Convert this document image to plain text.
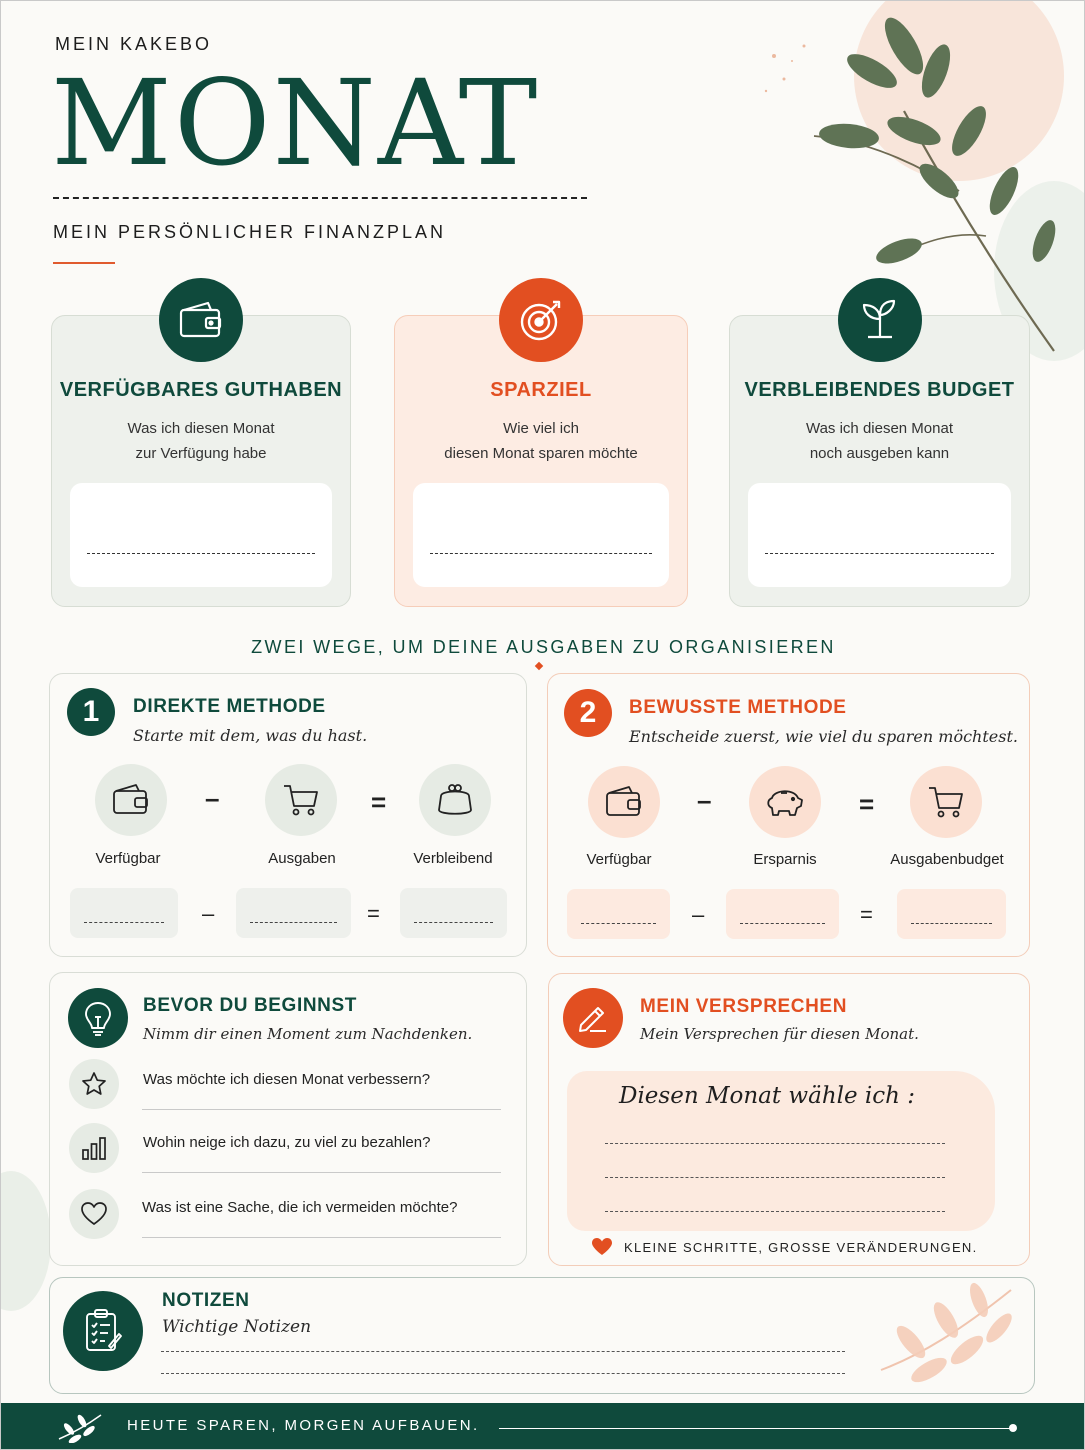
MEIN KAKEBO
MONAT
MEIN PERSÖNLICHER FINANZPLAN
VERFÜGBARES GUTHABEN
Was ich diesen Monat
zur Verfügung habe
SPARZIEL
Wie viel ich
diesen Monat sparen möchte
VERBLEIBENDES BUDGET
Was ich diesen Monat
noch ausgeben kann
ZWEI WEGE, UM DEINE AUSGABEN ZU ORGANISIEREN
1	DIREKTE METHODE
Starte mit dem, was du hast.
–	=
Verfügbar	Ausgaben	Verbleibend
–	=
2	BEWUSSTE METHODE
Entscheide zuerst, wie viel du sparen möchtest.
–	=
Verfügbar	Ersparnis	Ausgabenbudget
–	=
BEVOR DU BEGINNST
Nimm dir einen Moment zum Nachdenken.
Was möchte ich diesen Monat verbessern?
Wohin neige ich dazu, zu viel zu bezahlen?
Was ist eine Sache, die ich vermeiden möchte?
MEIN VERSPRECHEN
Mein Versprechen für diesen Monat.
Diesen Monat wähle ich :
KLEINE SCHRITTE, GROSSE VERÄNDERUNGEN.
NOTIZEN
Wichtige Notizen
HEUTE SPAREN, MORGEN AUFBAUEN.
